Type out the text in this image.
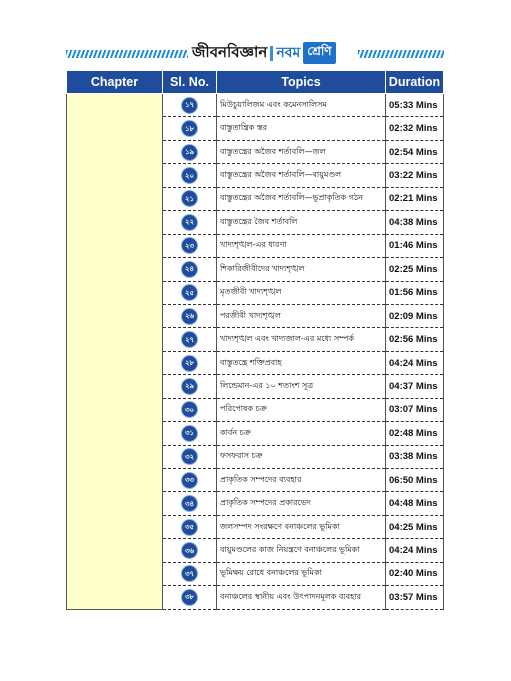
জীবনবিজ্ঞান নবম শ্রেণি
Chapter	Sl. No.	Topics	Duration
	১৭	মিউচুয়ালিজম এবং কমেনসালিসম	05:33 Mins
	১৮	বাস্তুতান্ত্রিক স্তর	02:32 Mins
	১৯	বাস্তুতন্ত্রের অজৈব শর্তাবলি—জল	02:54 Mins
	২০	বাস্তুতন্ত্রের অজৈব শর্তাবলি—বায়ুমণ্ডল	03:22 Mins
	২১	বাস্তুতন্ত্রের অজৈব শর্তাবলি—ভূপ্রাকৃতিক গঠন	02:21 Mins
	২২	বাস্তুতন্ত্রের জৈব শর্তাবলি	04:38 Mins
	২৩	খাদ্যশৃঙ্খল-এর ধারণা	01:46 Mins
	২৪	শিকারিজীবীদের খাদ্যশৃঙ্খল	02:25 Mins
	২৫	মৃতজীবী খাদ্যশৃঙ্খল	01:56 Mins
	২৬	পরজীবী খাদ্যশৃঙ্খল	02:09 Mins
	২৭	খাদ্যশৃঙ্খল এবং খাদ্যজাল-এর মধ্যে সম্পর্ক	02:56 Mins
	২৮	বাস্তুতন্ত্রে শক্তিপ্রবাহ	04:24 Mins
	২৯	লিন্ডেমান-এর ১০ শতাংশ সূত্র	04:37 Mins
	৩০	পরিপোষক চক্র	03:07 Mins
	৩১	কার্বন চক্র	02:48 Mins
	৩২	ফসফরাস চক্র	03:38 Mins
	৩৩	প্রাকৃতিক সম্পদের ব্যবহার	06:50 Mins
	৩৪	প্রাকৃতিক সম্পদের প্রকারভেদ	04:48 Mins
	৩৫	জলসম্পদ সংরক্ষণে বনাঞ্চলের ভূমিকা	04:25 Mins
	৩৬	বায়ুমণ্ডলের কাজ নিয়ন্ত্রণে বনাঞ্চলের ভূমিকা	04:24 Mins
	৩৭	ভূমিক্ষয় রোধে বনাঞ্চলের ভূমিকা	02:40 Mins
	৩৮	বনাঞ্চলের স্থানীয় এবং উৎপাদনমূলক ব্যবহার	03:57 Mins
